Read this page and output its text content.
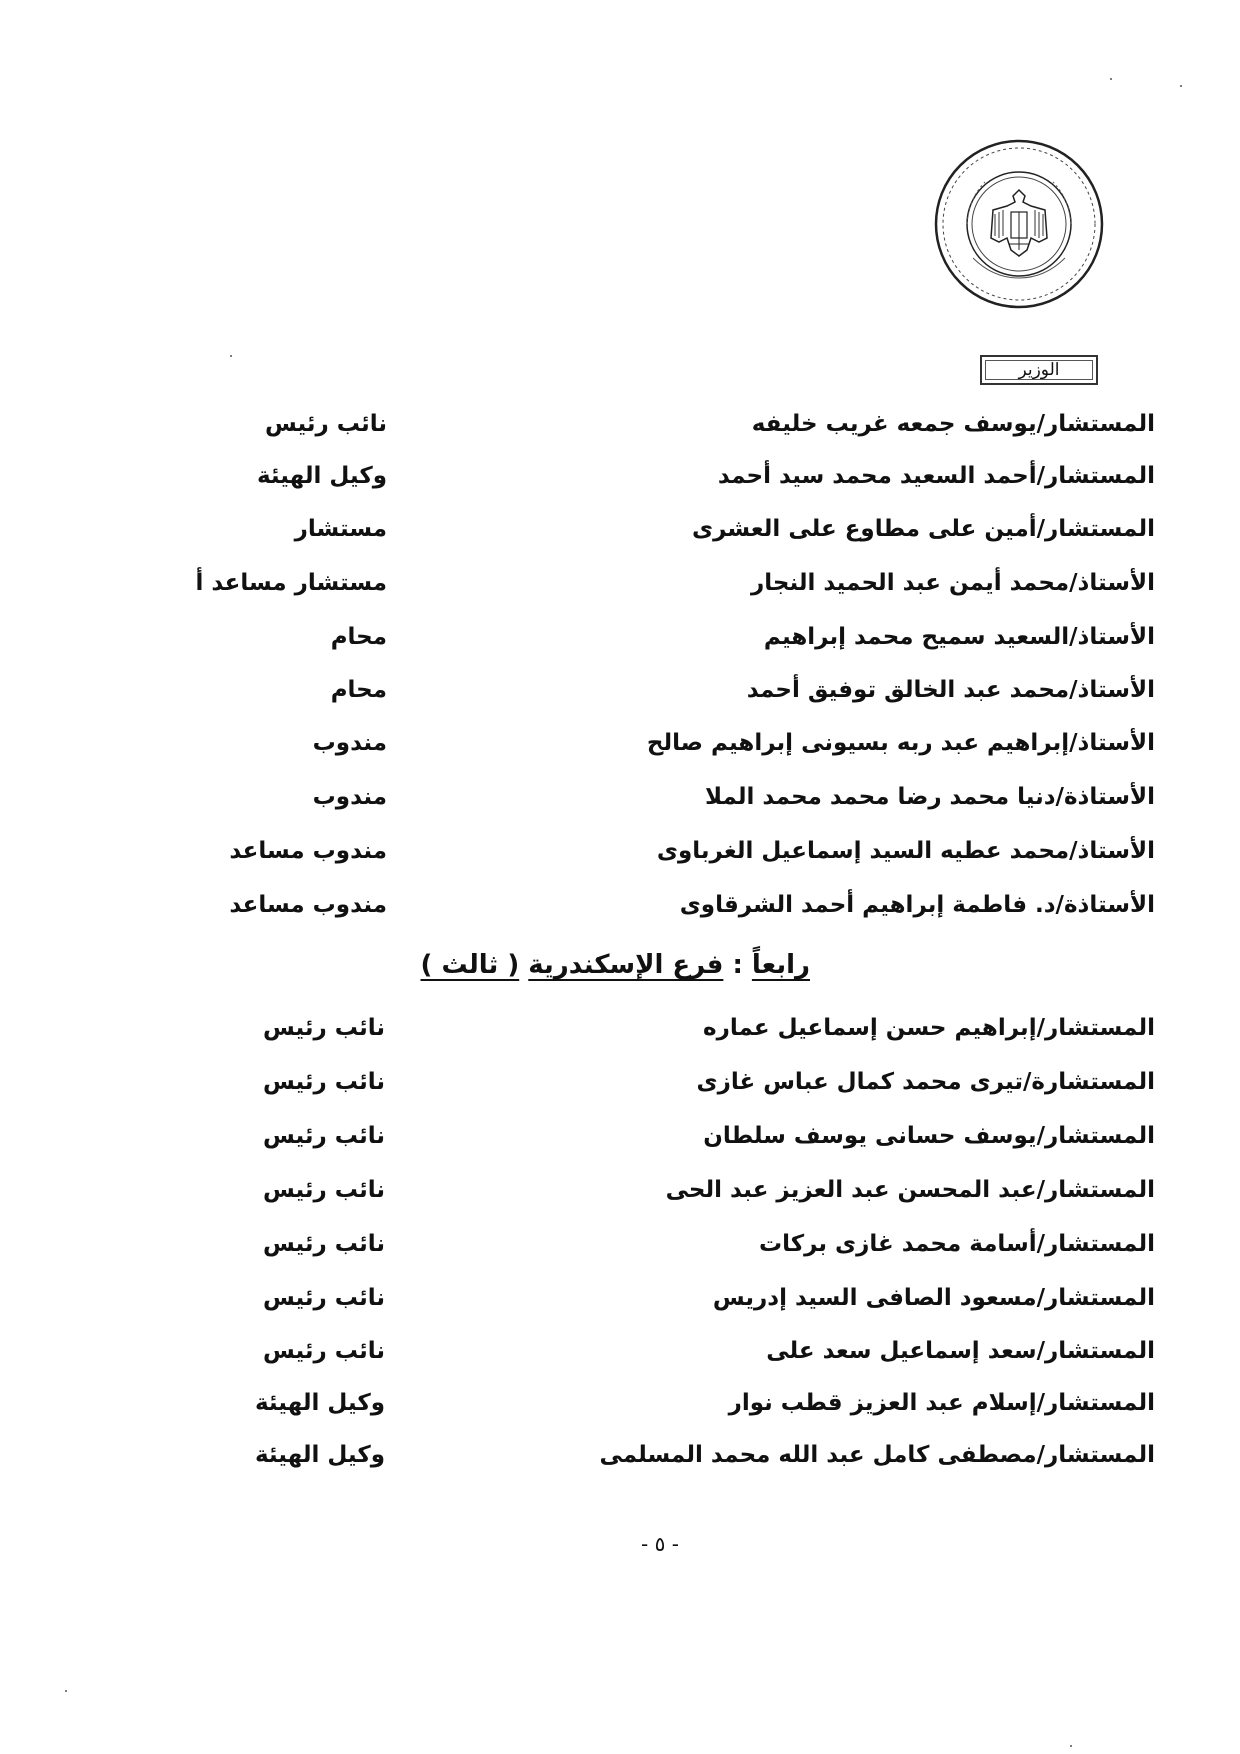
الوزير
المستشار/يوسف جمعه غريب خليفه
نائب رئيس
المستشار/أحمد السعيد محمد سيد أحمد
وكيل الهيئة
المستشار/أمين على مطاوع على العشرى
مستشار
الأستاذ/محمد أيمن عبد الحميد النجار
مستشار مساعد أ
الأستاذ/السعيد سميح محمد إبراهيم
محام
الأستاذ/محمد عبد الخالق توفيق أحمد
محام
الأستاذ/إبراهيم عبد ربه بسيونى إبراهيم صالح
مندوب
الأستاذة/دنيا محمد رضا محمد محمد الملا
مندوب
الأستاذ/محمد عطيه السيد إسماعيل الغرباوى
مندوب مساعد
الأستاذة/د. فاطمة إبراهيم أحمد الشرقاوى
مندوب مساعد
رابعاً : فرع الإسكندرية ( ثالث )
المستشار/إبراهيم حسن إسماعيل عماره
نائب رئيس
المستشارة/تيرى محمد كمال عباس غازى
نائب رئيس
المستشار/يوسف حسانى يوسف سلطان
نائب رئيس
المستشار/عبد المحسن عبد العزيز عبد الحى
نائب رئيس
المستشار/أسامة محمد غازى بركات
نائب رئيس
المستشار/مسعود الصافى السيد إدريس
نائب رئيس
المستشار/سعد إسماعيل سعد على
نائب رئيس
المستشار/إسلام عبد العزيز قطب نوار
وكيل الهيئة
المستشار/مصطفى كامل عبد الله محمد المسلمى
وكيل الهيئة
- ٥ -
